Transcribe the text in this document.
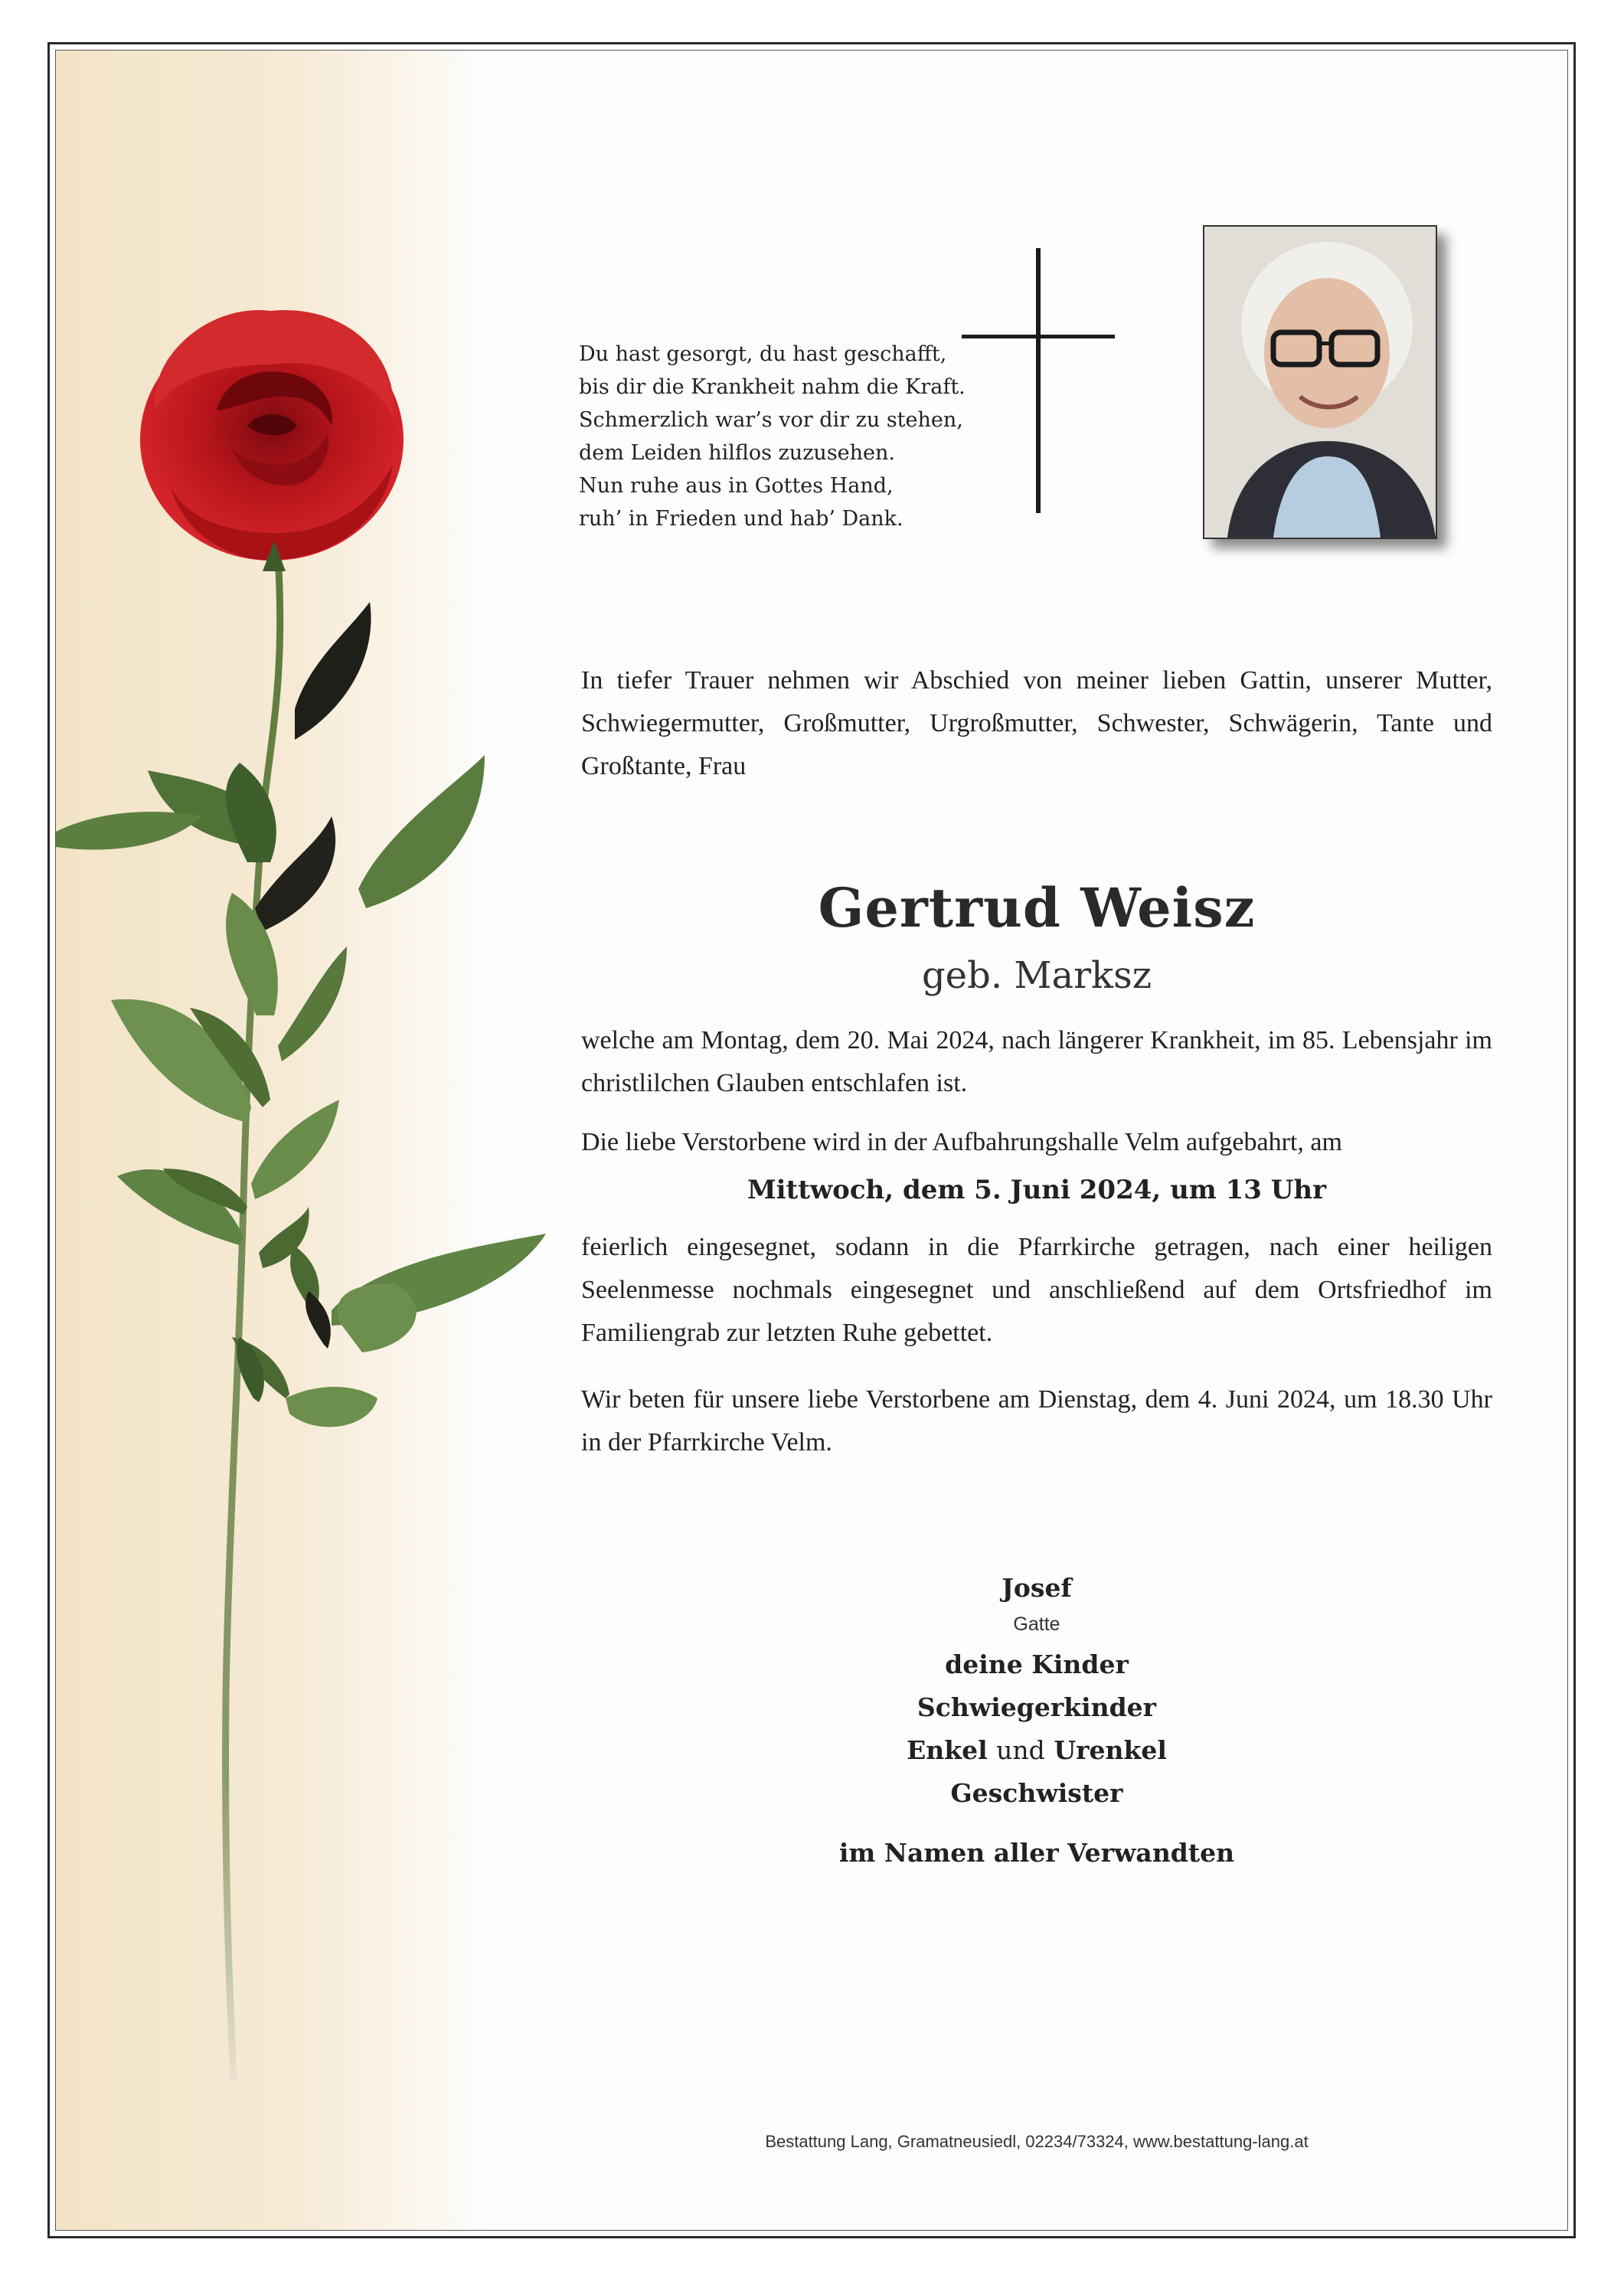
Du hast gesorgt, du hast geschafft,
bis dir die Krankheit nahm die Kraft.
Schmerzlich war’s vor dir zu stehen,
dem Leiden hilflos zuzusehen.
Nun ruhe aus in Gottes Hand,
ruh’ in Frieden und hab’ Dank.
In tiefer Trauer nehmen wir Abschied von meiner lieben Gattin, unserer Mutter, Schwiegermutter, Großmutter, Urgroßmutter, Schwester, Schwägerin, Tante und Großtante, Frau
Gertrud Weisz
geb. Marksz
welche am Montag, dem 20. Mai 2024, nach längerer Krankheit, im 85. Lebensjahr im christlilchen Glauben entschlafen ist.
Die liebe Verstorbene wird in der Aufbahrungshalle Velm aufgebahrt, am
Mittwoch, dem 5. Juni 2024, um 13 Uhr
feierlich eingesegnet, sodann in die Pfarrkirche getragen, nach einer heiligen Seelenmesse nochmals eingesegnet und anschließend auf dem Ortsfriedhof im Familiengrab zur letzten Ruhe gebettet.
Wir beten für unsere liebe Verstorbene am Dienstag, dem 4. Juni 2024, um 18.30 Uhr in der Pfarrkirche Velm.
Josef
Gatte
deine Kinder
Schwiegerkinder
Enkel und Urenkel
Geschwister
im Namen aller Verwandten
Bestattung Lang, Gramatneusiedl, 02234/73324, www.bestattung-lang.at
